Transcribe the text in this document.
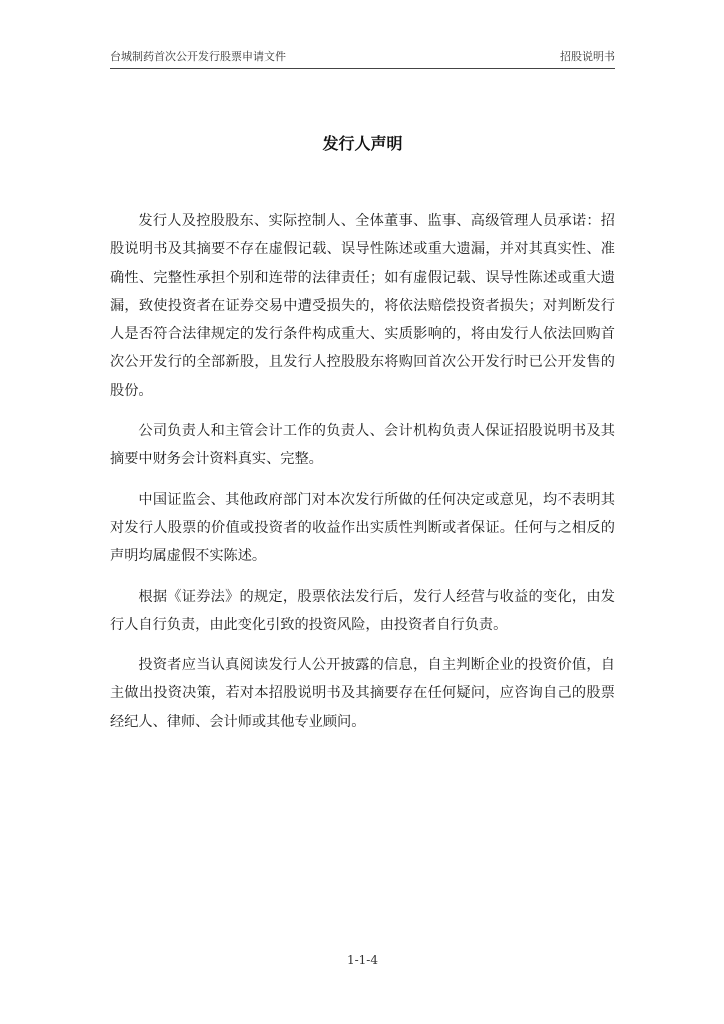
台城制药首次公开发行股票申请文件	招股说明书
发行人声明

发行人及控股股东、实际控制人、全体董事、监事、高级管理人员承诺：招股说明书及其摘要不存在虚假记载、误导性陈述或重大遗漏，并对其真实性、准确性、完整性承担个别和连带的法律责任；如有虚假记载、误导性陈述或重大遗漏，致使投资者在证券交易中遭受损失的，将依法赔偿投资者损失；对判断发行人是否符合法律规定的发行条件构成重大、实质影响的，将由发行人依法回购首次公开发行的全部新股，且发行人控股股东将购回首次公开发行时已公开发售的股份。

公司负责人和主管会计工作的负责人、会计机构负责人保证招股说明书及其摘要中财务会计资料真实、完整。

中国证监会、其他政府部门对本次发行所做的任何决定或意见，均不表明其对发行人股票的价值或投资者的收益作出实质性判断或者保证。任何与之相反的声明均属虚假不实陈述。

根据《证券法》的规定，股票依法发行后，发行人经营与收益的变化，由发行人自行负责，由此变化引致的投资风险，由投资者自行负责。

投资者应当认真阅读发行人公开披露的信息，自主判断企业的投资价值，自主做出投资决策，若对本招股说明书及其摘要存在任何疑问，应咨询自己的股票经纪人、律师、会计师或其他专业顾问。

1-1-4
